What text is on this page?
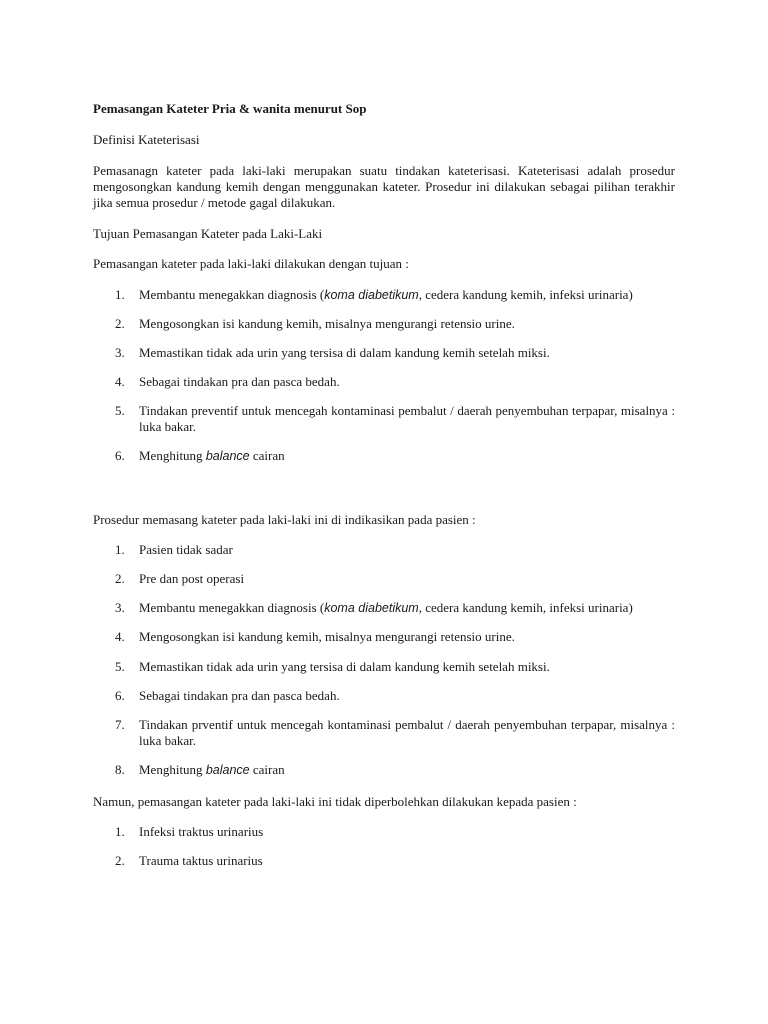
Pemasangan Kateter Pria & wanita menurut Sop
Definisi Kateterisasi
Pemasanagn kateter pada laki-laki merupakan suatu tindakan kateterisasi. Kateterisasi adalah prosedur mengosongkan kandung kemih dengan menggunakan kateter. Prosedur ini dilakukan sebagai pilihan terakhir jika semua prosedur / metode gagal dilakukan.
Tujuan Pemasangan Kateter pada Laki-Laki
Pemasangan kateter pada laki-laki dilakukan dengan tujuan :
1. Membantu menegakkan diagnosis (koma diabetikum, cedera kandung kemih, infeksi urinaria)
2. Mengosongkan isi kandung kemih, misalnya mengurangi retensio urine.
3. Memastikan tidak ada urin yang tersisa di dalam kandung kemih setelah miksi.
4. Sebagai tindakan pra dan pasca bedah.
5. Tindakan preventif untuk mencegah kontaminasi pembalut / daerah penyembuhan terpapar, misalnya : luka bakar.
6. Menghitung balance cairan
Prosedur memasang kateter pada laki-laki ini di indikasikan pada pasien :
1. Pasien tidak sadar
2. Pre dan post operasi
3. Membantu menegakkan diagnosis (koma diabetikum, cedera kandung kemih, infeksi urinaria)
4. Mengosongkan isi kandung kemih, misalnya mengurangi retensio urine.
5. Memastikan tidak ada urin yang tersisa di dalam kandung kemih setelah miksi.
6. Sebagai tindakan pra dan pasca bedah.
7. Tindakan prventif untuk mencegah kontaminasi pembalut / daerah penyembuhan terpapar, misalnya : luka bakar.
8. Menghitung balance cairan
Namun, pemasangan kateter pada laki-laki ini tidak diperbolehkan dilakukan kepada pasien :
1. Infeksi traktus urinarius
2. Trauma taktus urinarius
